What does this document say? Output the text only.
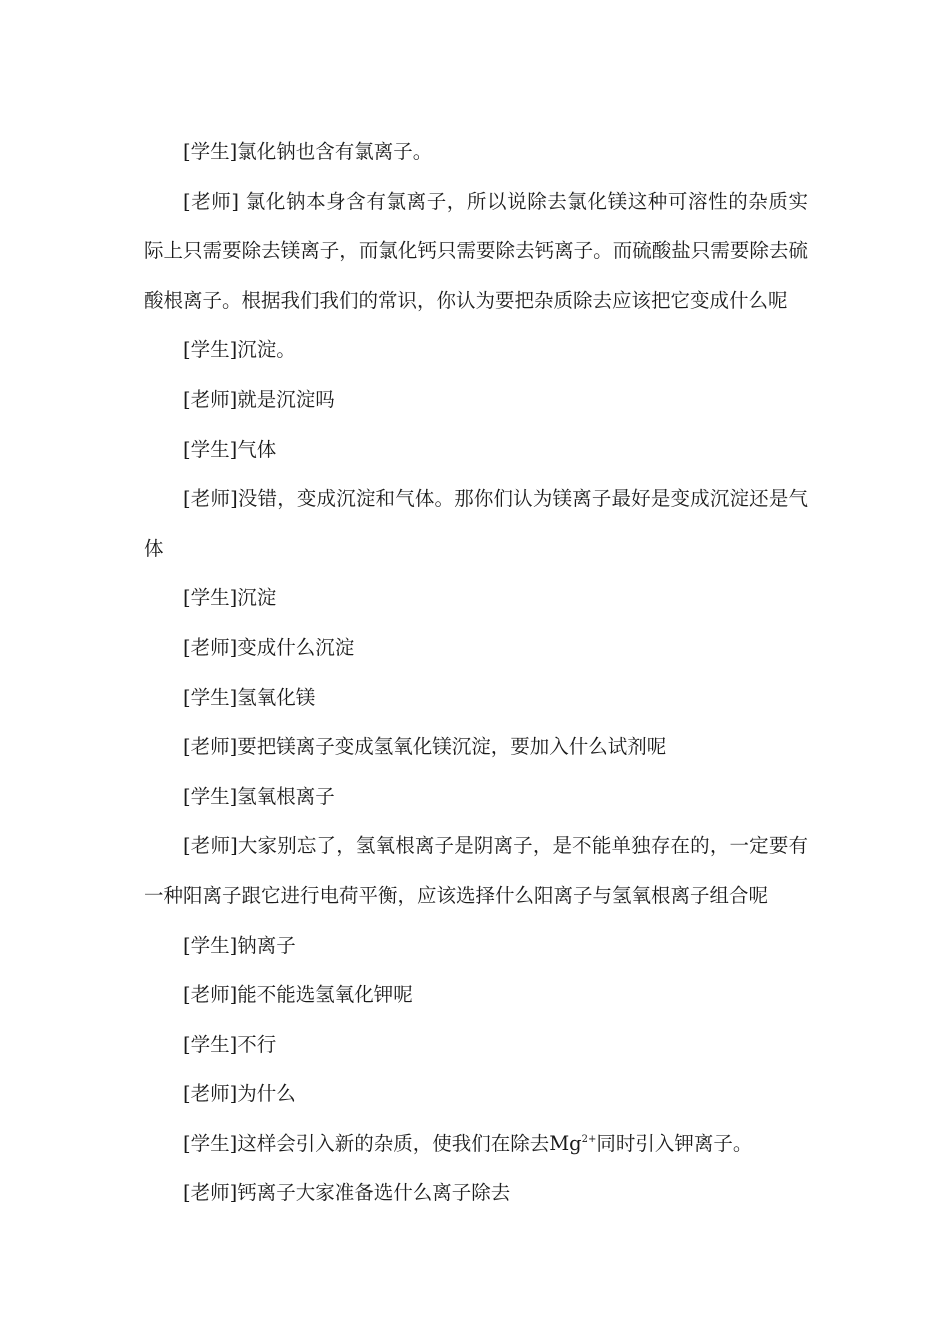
[学生]氯化钠也含有氯离子。

[老师] 氯化钠本身含有氯离子，所以说除去氯化镁这种可溶性的杂质实际上只需要除去镁离子，而氯化钙只需要除去钙离子。而硫酸盐只需要除去硫酸根离子。根据我们我们的常识，你认为要把杂质除去应该把它变成什么呢

[学生]沉淀。

[老师]就是沉淀吗

[学生]气体

[老师]没错，变成沉淀和气体。那你们认为镁离子最好是变成沉淀还是气体

[学生]沉淀

[老师]变成什么沉淀

[学生]氢氧化镁

[老师]要把镁离子变成氢氧化镁沉淀，要加入什么试剂呢

[学生]氢氧根离子

[老师]大家别忘了，氢氧根离子是阴离子，是不能单独存在的，一定要有一种阳离子跟它进行电荷平衡，应该选择什么阳离子与氢氧根离子组合呢

[学生]钠离子

[老师]能不能选氢氧化钾呢

[学生]不行

[老师]为什么

[学生]这样会引入新的杂质，使我们在除去$Mg^{2+}$同时引入钾离子。

[老师]钙离子大家准备选什么离子除去
